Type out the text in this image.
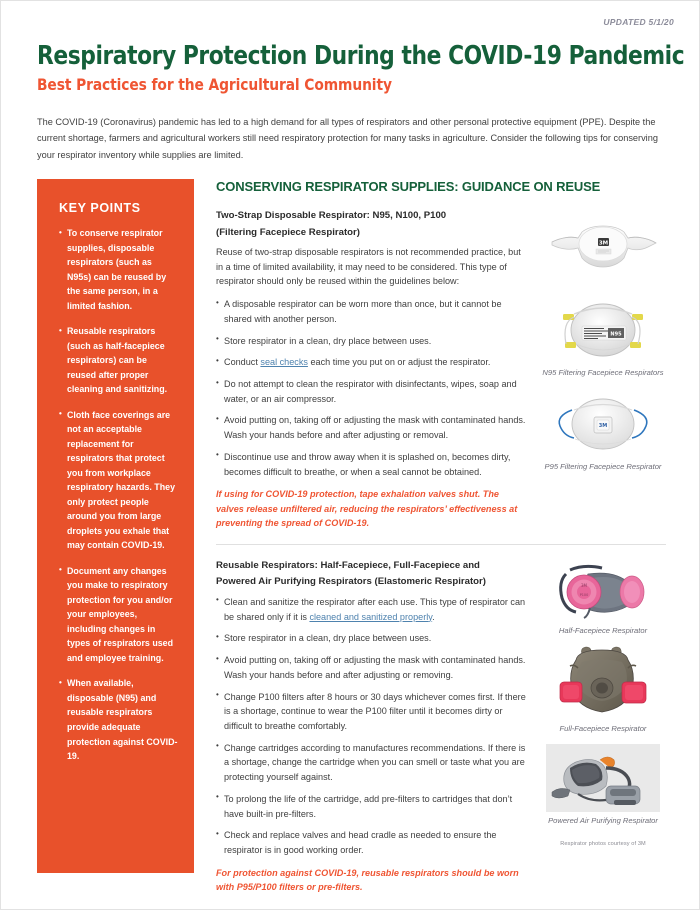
UPDATED 5/1/20
Respiratory Protection During the COVID-19 Pandemic
Best Practices for the Agricultural Community
The COVID-19 (Coronavirus) pandemic has led to a high demand for all types of respirators and other personal protective equipment (PPE). Despite the current shortage, farmers and agricultural workers still need respiratory protection for many tasks in agriculture. Consider the following tips for conserving your respirator inventory while supplies are limited.
KEY POINTS
• To conserve respirator supplies, disposable respirators (such as N95s) can be reused by the same person, in a limited fashion.
• Reusable respirators (such as half-facepiece respirators) can be reused after proper cleaning and sanitizing.
• Cloth face coverings are not an acceptable replacement for respirators that protect you from workplace respiratory hazards. They only protect people around you from large droplets you exhale that may contain COVID-19.
• Document any changes you make to respiratory protection for you and/or your employees, including changes in types of respirators used and employee training.
• When available, disposable (N95) and reusable respirators provide adequate protection against COVID-19.
CONSERVING RESPIRATOR SUPPLIES: GUIDANCE ON REUSE
Two-Strap Disposable Respirator: N95, N100, P100
(Filtering Facepiece Respirator)

Reuse of two-strap disposable respirators is not recommended practice, but in a time of limited availability, it may need to be considered. This type of respirator should only be reused within the guidelines below:

• A disposable respirator can be worn more than once, but it cannot be shared with another person.
• Store respirator in a clean, dry place between uses.
• Conduct seal checks each time you put on or adjust the respirator.
• Do not attempt to clean the respirator with disinfectants, wipes, soap and water, or an air compressor.
• Avoid putting on, taking off or adjusting the mask with contaminated hands. Wash your hands before and after adjusting or removal.
• Discontinue use and throw away when it is splashed on, becomes dirty, becomes difficult to breathe, or when a seal cannot be obtained.

If using for COVID-19 protection, tape exhalation valves shut. The valves release unfiltered air, reducing the respirators’ effectiveness at preventing the spread of COVID-19.

3M
N95
N95 Filtering Facepiece Respirators
3M
P95 Filtering Facepiece Respirator
Reusable Respirators: Half-Facepiece, Full-Facepiece and
Powered Air Purifying Respirators (Elastomeric Respirator)
• Clean and sanitize the respirator after each use. This type of respirator can be shared only if it is cleaned and sanitized properly.
• Store respirator in a clean, dry place between uses.
• Avoid putting on, taking off or adjusting the mask with contaminated hands. Wash your hands before and after adjusting or removing.
• Change P100 filters after 8 hours or 30 days whichever comes first. If there is a shortage, continue to wear the P100 filter until it becomes dirty or difficult to breathe comfortably.
• Change cartridges according to manufactures recommendations. If there is a shortage, change the cartridge when you can smell or taste what you are protecting yourself against.
• To prolong the life of the cartridge, add pre-filters to cartridges that don’t have built-in pre-filters.
• Check and replace valves and head cradle as needed to ensure the respirator is in good working order.

For protection against COVID-19, reusable respirators should be worn with P95/P100 filters or pre-filters.

3M
P100
Half-Facepiece Respirator
Full-Facepiece Respirator
Powered Air Purifying Respirator
Respirator photos courtesy of 3M
